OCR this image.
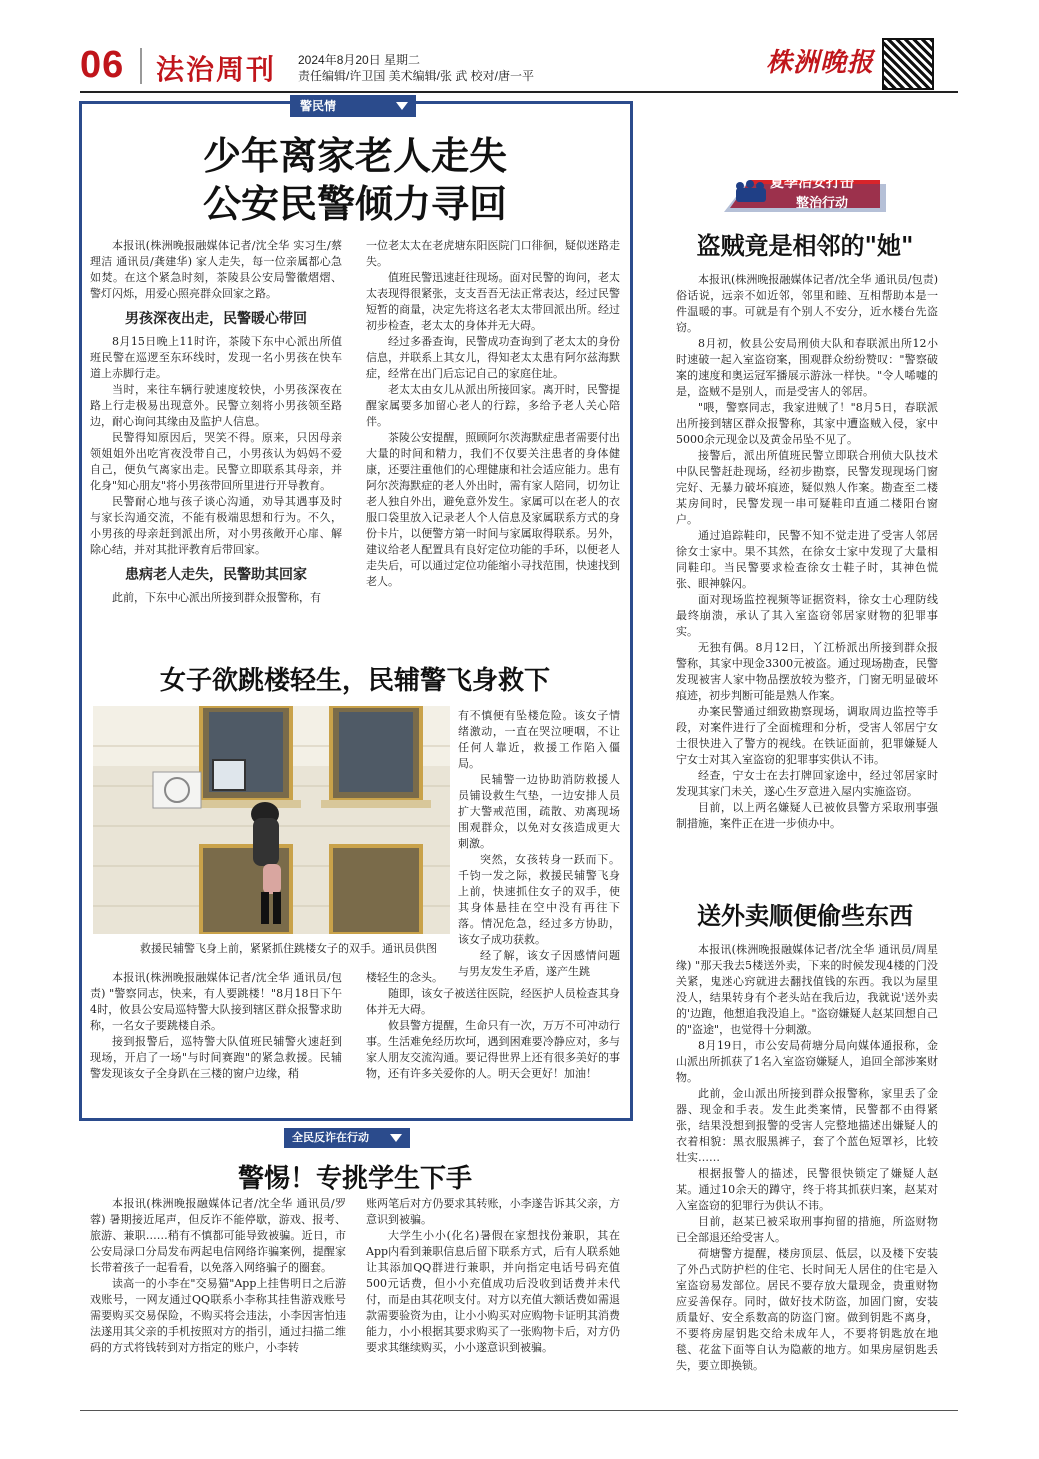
06 法治周刊 2024年8月20日 星期二
责任编辑/许卫国 美术编辑/张 武 校对/唐一平	株洲晚报
警民情
少年离家老人走失
公安民警倾力寻回

本报讯(株洲晚报融媒体记者/沈全华 实习生/蔡理洁 通讯员/龚建华) 家人走失，每一位亲属都心急如焚。在这个紧急时刻，茶陵县公安局警徽熠熠、警灯闪烁，用爱心照亮群众回家之路。

男孩深夜出走，民警暖心带回

8月15日晚上11时许，茶陵下东中心派出所值班民警在巡逻至东环线时，发现一名小男孩在快车道上赤脚行走。

当时，来往车辆行驶速度较快，小男孩深夜在路上行走极易出现意外。民警立刻将小男孩领至路边，耐心询问其缘由及监护人信息。

民警得知原因后，哭笑不得。原来，只因母亲领姐姐外出吃宵夜没带自己，小男孩认为妈妈不爱自己，便负气离家出走。民警立即联系其母亲，并化身"知心朋友"将小男孩带回所里进行开导教育。

民警耐心地与孩子谈心沟通，劝导其遇事及时与家长沟通交流，不能有极端思想和行为。不久，小男孩的母亲赶到派出所，对小男孩敞开心扉、解除心结，并对其批评教育后带回家。

患病老人走失，民警助其回家

此前，下东中心派出所接到群众报警称，有

一位老太太在老虎塘东阳医院门口徘徊，疑似迷路走失。

值班民警迅速赶往现场。面对民警的询问，老太太表现得很紧张，支支吾吾无法正常表达，经过民警短暂的商量，决定先将这名老太太带回派出所。经过初步检查，老太太的身体并无大碍。

经过多番查询，民警成功查询到了老太太的身份信息，并联系上其女儿，得知老太太患有阿尔兹海默症，经常在出门后忘记自己的家庭住址。

老太太由女儿从派出所接回家。离开时，民警提醒家属要多加留心老人的行踪，多给予老人关心陪伴。

茶陵公安提醒，照顾阿尔茨海默症患者需要付出大量的时间和精力，我们不仅要关注患者的身体健康，还要注重他们的心理健康和社会适应能力。患有阿尔茨海默症的老人外出时，需有家人陪同，切勿让老人独自外出，避免意外发生。家属可以在老人的衣服口袋里放入记录老人个人信息及家属联系方式的身份卡片，以便警方第一时间与家属取得联系。另外，建议给老人配置具有良好定位功能的手环，以便老人走失后，可以通过定位功能缩小寻找范围，快速找到老人。

女子欲跳楼轻生，民辅警飞身救下
救援民辅警飞身上前，紧紧抓住跳楼女子的双手。通讯员供图

有不慎便有坠楼危险。该女子情绪激动，一直在哭泣哽咽，不让任何人靠近，救援工作陷入僵局。

民辅警一边协助消防救援人员铺设救生气垫，一边安排人员扩大警戒范围，疏散、劝离现场围观群众，以免对女孩造成更大刺激。

突然，女孩转身一跃而下。千钧一发之际，救援民辅警飞身上前，快速抓住女子的双手，使其身体悬挂在空中没有再往下落。情况危急，经过多方协助，该女子成功获救。

经了解，该女子因感情问题与男友发生矛盾，遂产生跳

本报讯(株洲晚报融媒体记者/沈全华 通讯员/包责) "警察同志，快来，有人要跳楼！"8月18日下午4时，攸县公安局巡特警大队接到辖区群众报警求助称，一名女子要跳楼自杀。

接到报警后，巡特警大队值班民辅警火速赶到现场，开启了一场"与时间赛跑"的紧急救援。民辅警发现该女子全身趴在三楼的窗户边缘，稍

楼轻生的念头。

随即，该女子被送往医院，经医护人员检查其身体并无大碍。

攸县警方提醒，生命只有一次，万万不可冲动行事。生活难免经历坎坷，遇到困难要冷静应对，多与家人朋友交流沟通。要记得世界上还有很多美好的事物，还有许多关爱你的人。明天会更好！加油！

夏季治安打击
整治行动
盗贼竟是相邻的"她"

本报讯(株洲晚报融媒体记者/沈全华 通讯员/包责) 俗话说，远亲不如近邻，邻里和睦、互相帮助本是一件温暖的事。可就是有个别人不安分，近水楼台先盗窃。

8月初，攸县公安局刑侦大队和春联派出所12小时速破一起入室盗窃案，围观群众纷纷赞叹："警察破案的速度和奥运冠军播展示游泳一样快。"令人唏嘘的是，盗贼不是别人，而是受害人的邻居。

"喂，警察同志，我家进贼了！"8月5日，春联派出所接到辖区群众报警称，其家中遭盗贼入侵，家中5000余元现金以及黄金吊坠不见了。

接警后，派出所值班民警立即联合刑侦大队技术中队民警赶赴现场，经初步勘察，民警发现现场门窗完好、无暴力破坏痕迹，疑似熟人作案。勘查至二楼某房间时，民警发现一串可疑鞋印直通二楼阳台窗户。

通过追踪鞋印，民警不知不觉走进了受害人邻居徐女士家中。果不其然，在徐女士家中发现了大量相同鞋印。当民警要求检查徐女士鞋子时，其神色慌张、眼神躲闪。

面对现场监控视频等证据资料，徐女士心理防线最终崩溃，承认了其入室盗窃邻居家财物的犯罪事实。

无独有偶。8月12日，丫江桥派出所接到群众报警称，其家中现金3300元被盗。通过现场勘查，民警发现被害人家中物品摆放较为整齐，门窗无明显破坏痕迹，初步判断可能是熟人作案。

办案民警通过细致勘察现场，调取周边监控等手段，对案件进行了全面梳理和分析，受害人邻居宁女士很快进入了警方的视线。在铁证面前，犯罪嫌疑人宁女士对其入室盗窃的犯罪事实供认不讳。

经查，宁女士在去打牌回家途中，经过邻居家时发现其家门未关，遂心生歹意进入屋内实施盗窃。

目前，以上两名嫌疑人已被攸县警方采取刑事强制措施，案件正在进一步侦办中。

送外卖顺便偷些东西

本报讯(株洲晚报融媒体记者/沈全华 通讯员/周星缘) "那天我去5楼送外卖，下来的时候发现4楼的门没关紧，鬼迷心窍就进去翻找值钱的东西。我以为屋里没人，结果转身有个老头站在我后边，我就说'送外卖的'边跑，他想追我没追上。"盗窃嫌疑人赵某回想自己的"盗途"，也觉得十分刺激。

8月19日，市公安局荷塘分局向媒体通报称，金山派出所抓获了1名入室盗窃嫌疑人，追回全部涉案财物。

此前，金山派出所接到群众报警称，家里丢了金器、现金和手表。发生此类案情，民警都不由得紧张，结果没想到报警的受害人完整地描述出嫌疑人的衣着相貌：黑衣服黑裤子，套了个蓝色短罩衫，比较壮实……

根据报警人的描述，民警很快锁定了嫌疑人赵某。通过10余天的蹲守，终于将其抓获归案，赵某对入室盗窃的犯罪行为供认不讳。

目前，赵某已被采取刑事拘留的措施，所盗财物已全部退还给受害人。

荷塘警方提醒，楼房顶层、低层，以及楼下安装了外凸式防护栏的住宅、长时间无人居住的住宅是入室盗窃易发部位。居民不要存放大量现金，贵重财物应妥善保存。同时，做好技术防盗，加固门窗，安装质量好、安全系数高的防盗门窗。做到钥匙不离身，不要将房屋钥匙交给未成年人，不要将钥匙放在地毯、花盆下面等自认为隐蔽的地方。如果房屋钥匙丢失，要立即换锁。

全民反诈在行动
警惕！专挑学生下手

本报讯(株洲晚报融媒体记者/沈全华 通讯员/罗蓉) 暑期接近尾声，但反诈不能停歇，游戏、报考、旅游、兼职……稍有不慎都可能导致被骗。近日，市公安局渌口分局发布两起电信网络诈骗案例，提醒家长带着孩子一起看看，以免落入网络骗子的圈套。

读高一的小李在"交易猫"App上挂售明日之后游戏账号，一网友通过QQ联系小李称其挂售游戏账号需要购买交易保险，不购买将会违法，小李因害怕违法遂用其父亲的手机按照对方的指引，通过扫描二维码的方式将钱转到对方指定的账户，小李转

账两笔后对方仍要求其转账，小李遂告诉其父亲，方意识到被骗。

大学生小小(化名)暑假在家想找份兼职，其在App内看到兼职信息后留下联系方式，后有人联系她让其添加QQ群进行兼职，并向指定电话号码充值500元话费，但小小充值成功后没收到话费并未代付，而是由其花呗支付。对方以充值大额话费如需退款需要验资为由，让小小购买对应购物卡证明其消费能力，小小根据其要求购买了一张购物卡后，对方仍要求其继续购买，小小遂意识到被骗。
